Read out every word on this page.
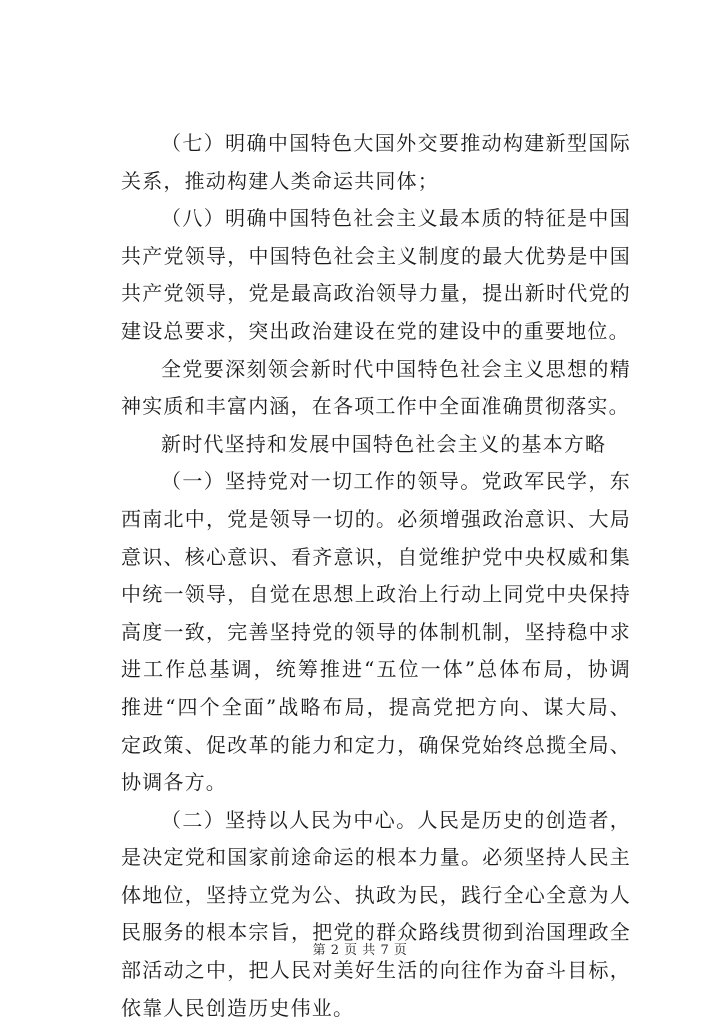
（七）明确中国特色大国外交要推动构建新型国际关系，推动构建人类命运共同体；

（八）明确中国特色社会主义最本质的特征是中国共产党领导，中国特色社会主义制度的最大优势是中国共产党领导，党是最高政治领导力量，提出新时代党的建设总要求，突出政治建设在党的建设中的重要地位。

全党要深刻领会新时代中国特色社会主义思想的精神实质和丰富内涵，在各项工作中全面准确贯彻落实。

新时代坚持和发展中国特色社会主义的基本方略

（一）坚持党对一切工作的领导。党政军民学，东西南北中，党是领导一切的。必须增强政治意识、大局意识、核心意识、看齐意识，自觉维护党中央权威和集中统一领导，自觉在思想上政治上行动上同党中央保持高度一致，完善坚持党的领导的体制机制，坚持稳中求进工作总基调，统筹推进“五位一体”总体布局，协调推进“四个全面”战略布局，提高党把方向、谋大局、定政策、促改革的能力和定力，确保党始终总揽全局、协调各方。

（二）坚持以人民为中心。人民是历史的创造者，是决定党和国家前途命运的根本力量。必须坚持人民主体地位，坚持立党为公、执政为民，践行全心全意为人民服务的根本宗旨，把党的群众路线贯彻到治国理政全部活动之中，把人民对美好生活的向往作为奋斗目标，依靠人民创造历史伟业。

第 2 页 共 7 页
